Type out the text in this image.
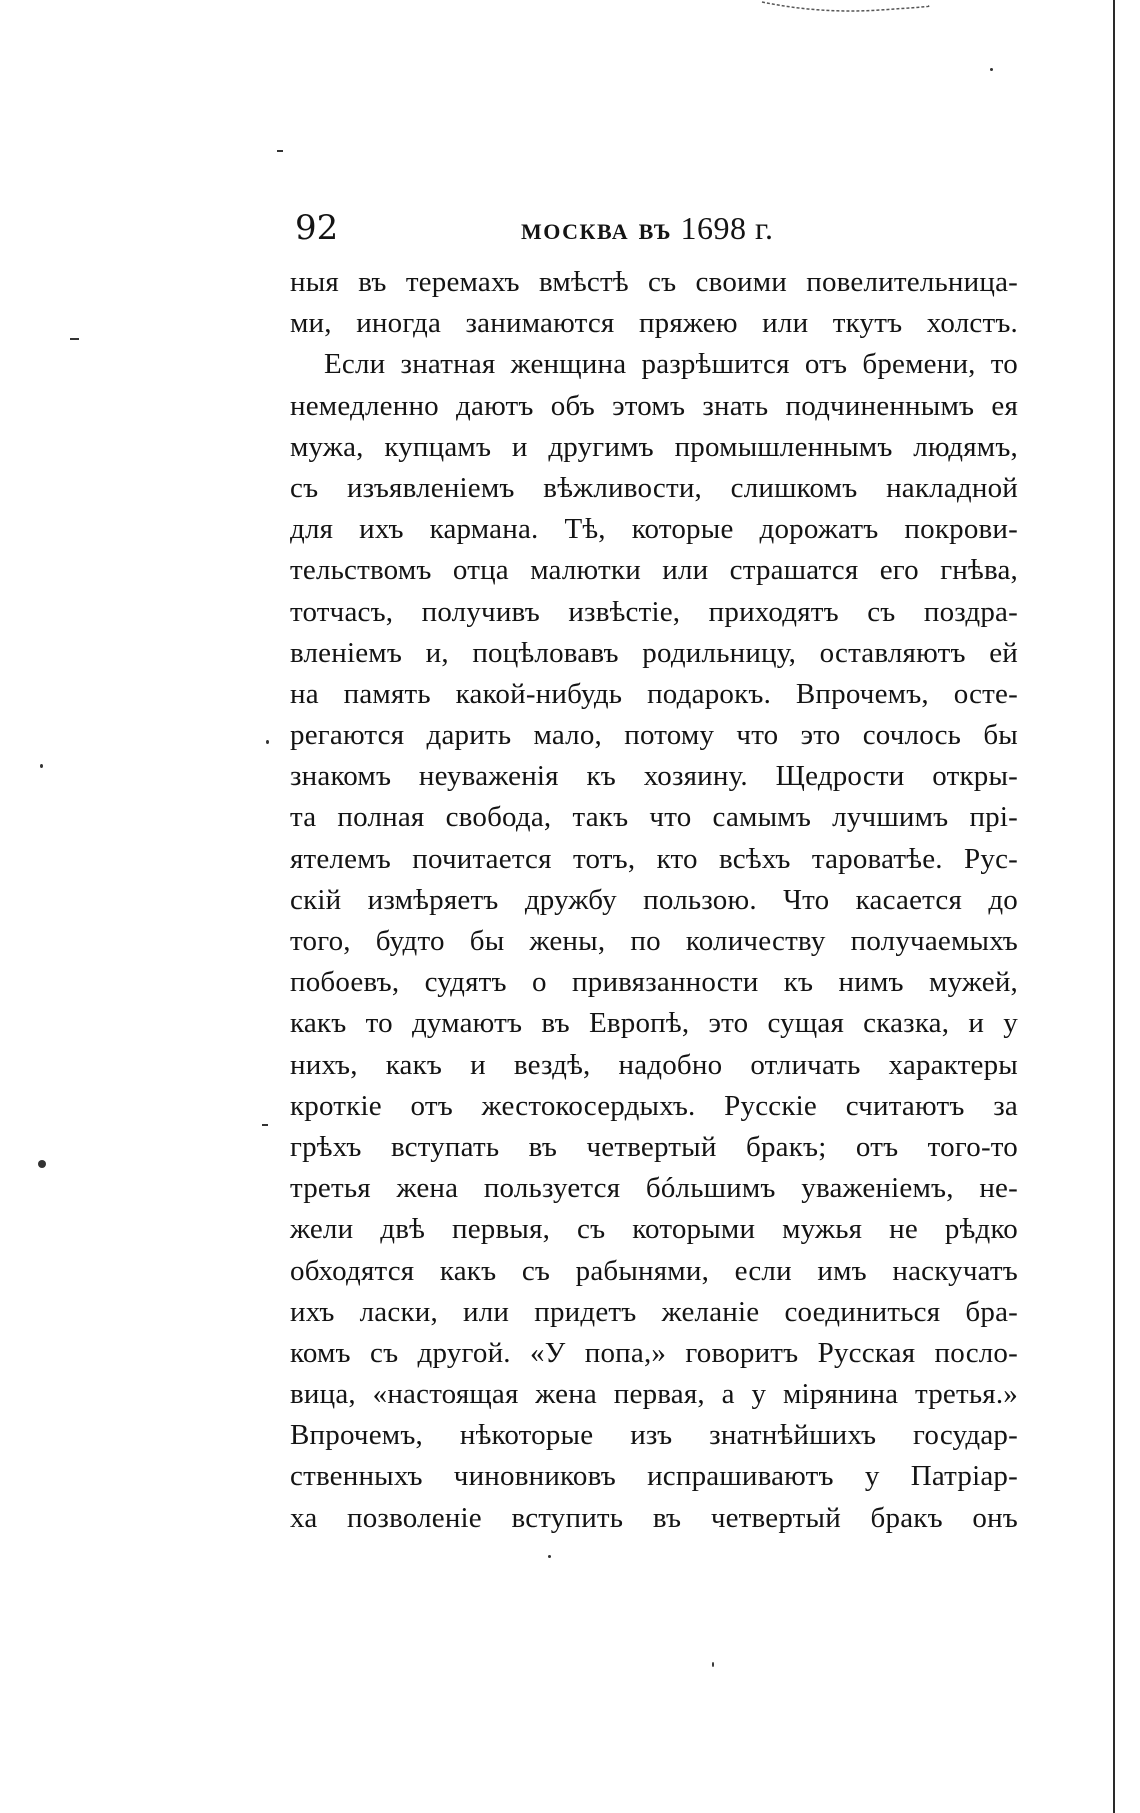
92	москва въ 1698 г.
ныя въ теремахъ вмѣстѣ съ своими повелительница-
ми, иногда занимаются пряжею или ткутъ холстъ.
Если знатная женщина разрѣшится отъ бремени, то
немедленно даютъ объ этомъ знать подчиненнымъ ея
мужа, купцамъ и другимъ промышленнымъ людямъ,
съ изъявленіемъ вѣжливости, слишкомъ накладной
для ихъ кармана. Тѣ, которые дорожатъ покрови-
тельствомъ отца малютки или страшатся его гнѣва,
тотчасъ, получивъ извѣстіе, приходятъ съ поздра-
вленіемъ и, поцѣловавъ родильницу, оставляютъ ей
на память какой-нибудь подарокъ. Впрочемъ, осте-
регаются дарить мало, потому что это сочлось бы
знакомъ неуваженія къ хозяину. Щедрости откры-
та полная свобода, такъ что самымъ лучшимъ прі-
ятелемъ почитается тотъ, кто всѣхъ тароватѣе. Рус-
скій измѣряетъ дружбу пользою. Что касается до
того, будто бы жены, по количеству получаемыхъ
побоевъ, судятъ о привязанности къ нимъ мужей,
какъ то думаютъ въ Европѣ, это сущая сказка, и у
нихъ, какъ и вездѣ, надобно отличать характеры
кроткіе отъ жестокосердыхъ. Русскіе считаютъ за
грѣхъ вступать въ четвертый бракъ; отъ того-то
третья жена пользуется бóльшимъ уваженіемъ, не-
жели двѣ первыя, съ которыми мужья не рѣдко
обходятся какъ съ рабынями, если имъ наскучатъ
ихъ ласки, или придетъ желаніе соединиться бра-
комъ съ другой. «У попа,» говоритъ Русская посло-
вица, «настоящая жена первая, а у мірянина третья.»
Впрочемъ, нѣкоторые изъ знатнѣйшихъ государ-
ственныхъ чиновниковъ испрашиваютъ у Патріар-
ха позволеніе вступить въ четвертый бракъ онъ
